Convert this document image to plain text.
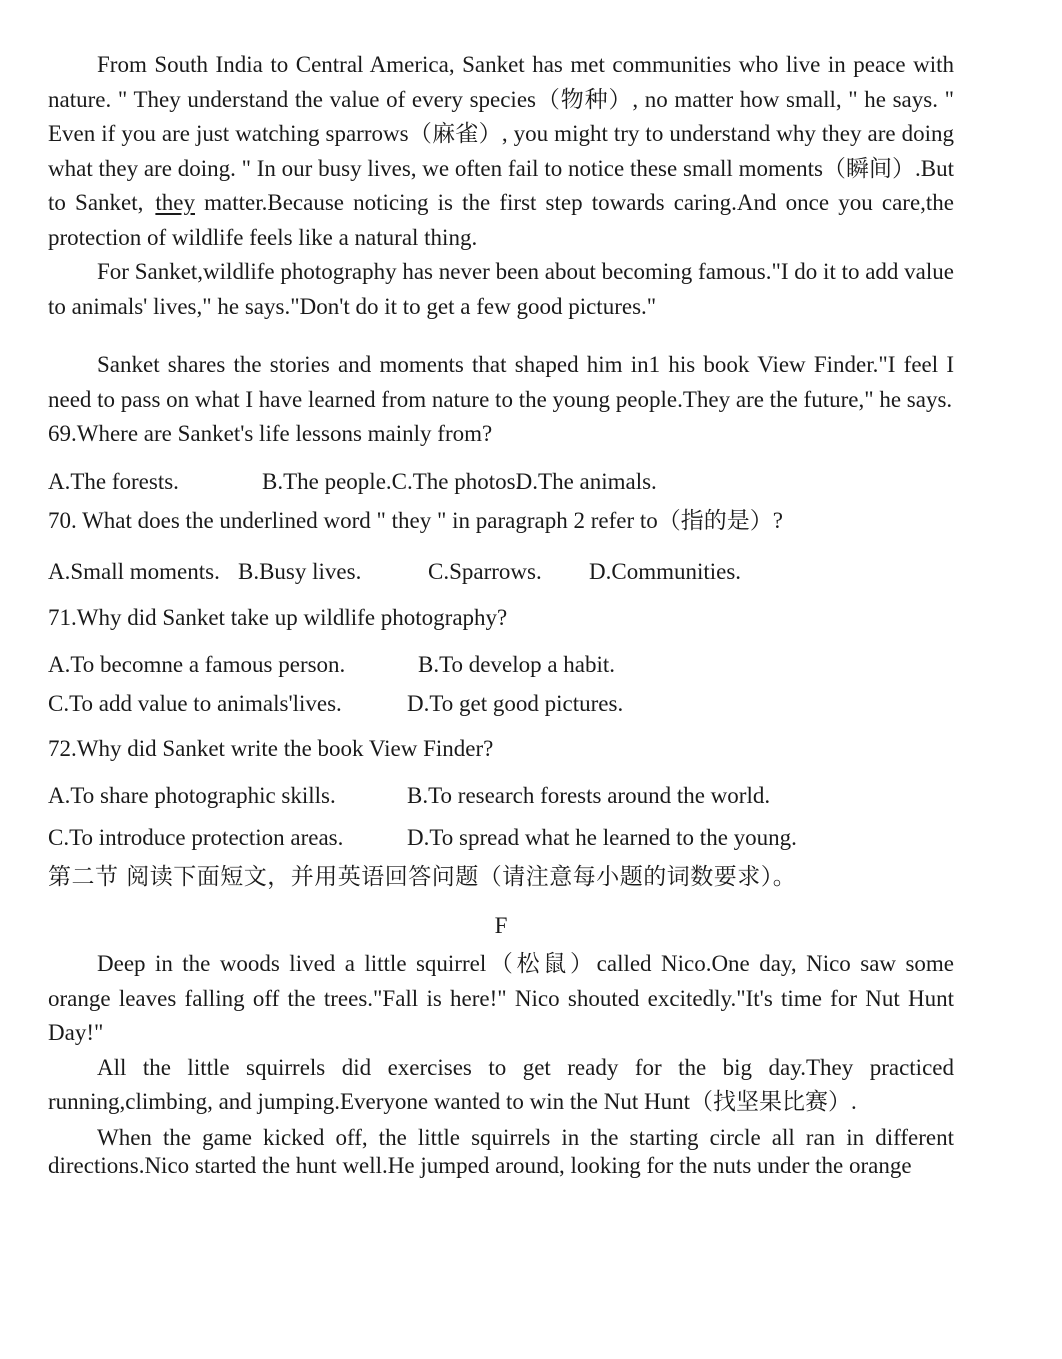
From South India to Central America, Sanket has met communities who live in peace with nature. " They understand the value of every species（物种）, no matter how small, " he says. " Even if you are just watching sparrows（麻雀）, you might try to understand why they are doing what they are doing. " In our busy lives, we often fail to notice these small moments（瞬间）.But to Sanket, they matter.Because noticing is the first step towards caring.And once you care,the protection of wildlife feels like a natural thing.

For Sanket,wildlife photography has never been about becoming famous."I do it to add value to animals' lives," he says."Don't do it to get a few good pictures."

Sanket shares the stories and moments that shaped him in1 his book View Finder."I feel I need to pass on what I have learned from nature to the young people.They are the future," he says.

69.Where are Sanket's life lessons mainly from?

A.The forests.	B.The people.C.The photos.D.The animals.

70. What does the underlined word " they " in paragraph 2 refer to（指的是）?

A.Small moments. B.Busy lives.	C.Sparrows. D.Communities.

71.Why did Sanket take up wildlife photography?

A.To becomne a famous person.	B.To develop a habit.

C.To add value to animals'lives.	D.To get good pictures.

72.Why did Sanket write the book View Finder?

A.To share photographic skills.	B.To research forests around the world.

C.To introduce protection areas.	D.To spread what he learned to the young.

第二节 阅读下面短文，并用英语回答问题（请注意每小题的词数要求）。

F

Deep in the woods lived a little squirrel（松鼠）called Nico.One day, Nico saw some orange leaves falling off the trees."Fall is here!" Nico shouted excitedly."It's time for Nut Hunt Day!"

All the little squirrels did exercises to get ready for the big day.They practiced running,climbing, and jumping.Everyone wanted to win the Nut Hunt（找坚果比赛）.

When the game kicked off, the little squirrels in the starting circle all ran in different directions.Nico started the hunt well.He jumped around, looking for the nuts under the orange
